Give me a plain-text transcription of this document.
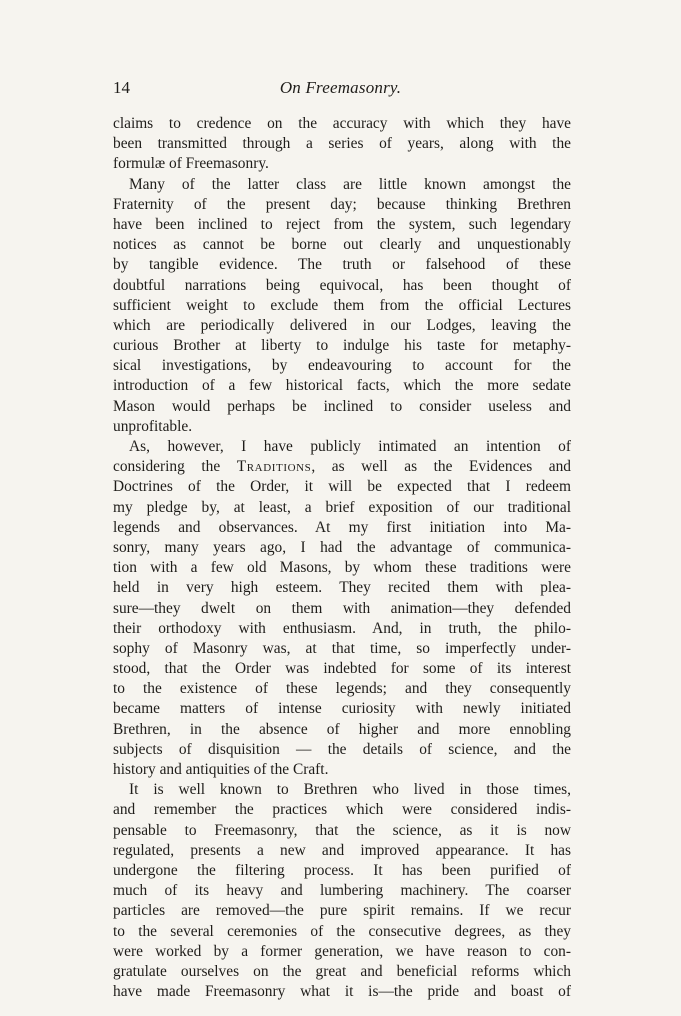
14	On Freemasonry.
claims to credence on the accuracy with which they have
been transmitted through a series of years, along with the
formulæ of Freemasonry.
Many of the latter class are little known amongst the
Fraternity of the present day; because thinking Brethren
have been inclined to reject from the system, such legendary
notices as cannot be borne out clearly and unquestionably
by tangible evidence. The truth or falsehood of these
doubtful narrations being equivocal, has been thought of
sufficient weight to exclude them from the official Lectures
which are periodically delivered in our Lodges, leaving the
curious Brother at liberty to indulge his taste for metaphy-
sical investigations, by endeavouring to account for the
introduction of a few historical facts, which the more sedate
Mason would perhaps be inclined to consider useless and
unprofitable.
As, however, I have publicly intimated an intention of
considering the Traditions, as well as the Evidences and
Doctrines of the Order, it will be expected that I redeem
my pledge by, at least, a brief exposition of our traditional
legends and observances. At my first initiation into Ma-
sonry, many years ago, I had the advantage of communica-
tion with a few old Masons, by whom these traditions were
held in very high esteem. They recited them with plea-
sure—they dwelt on them with animation—they defended
their orthodoxy with enthusiasm. And, in truth, the philo-
sophy of Masonry was, at that time, so imperfectly under-
stood, that the Order was indebted for some of its interest
to the existence of these legends; and they consequently
became matters of intense curiosity with newly initiated
Brethren, in the absence of higher and more ennobling
subjects of disquisition — the details of science, and the
history and antiquities of the Craft.
It is well known to Brethren who lived in those times,
and remember the practices which were considered indis-
pensable to Freemasonry, that the science, as it is now
regulated, presents a new and improved appearance. It has
undergone the filtering process. It has been purified of
much of its heavy and lumbering machinery. The coarser
particles are removed—the pure spirit remains. If we recur
to the several ceremonies of the consecutive degrees, as they
were worked by a former generation, we have reason to con-
gratulate ourselves on the great and beneficial reforms which
have made Freemasonry what it is—the pride and boast of
